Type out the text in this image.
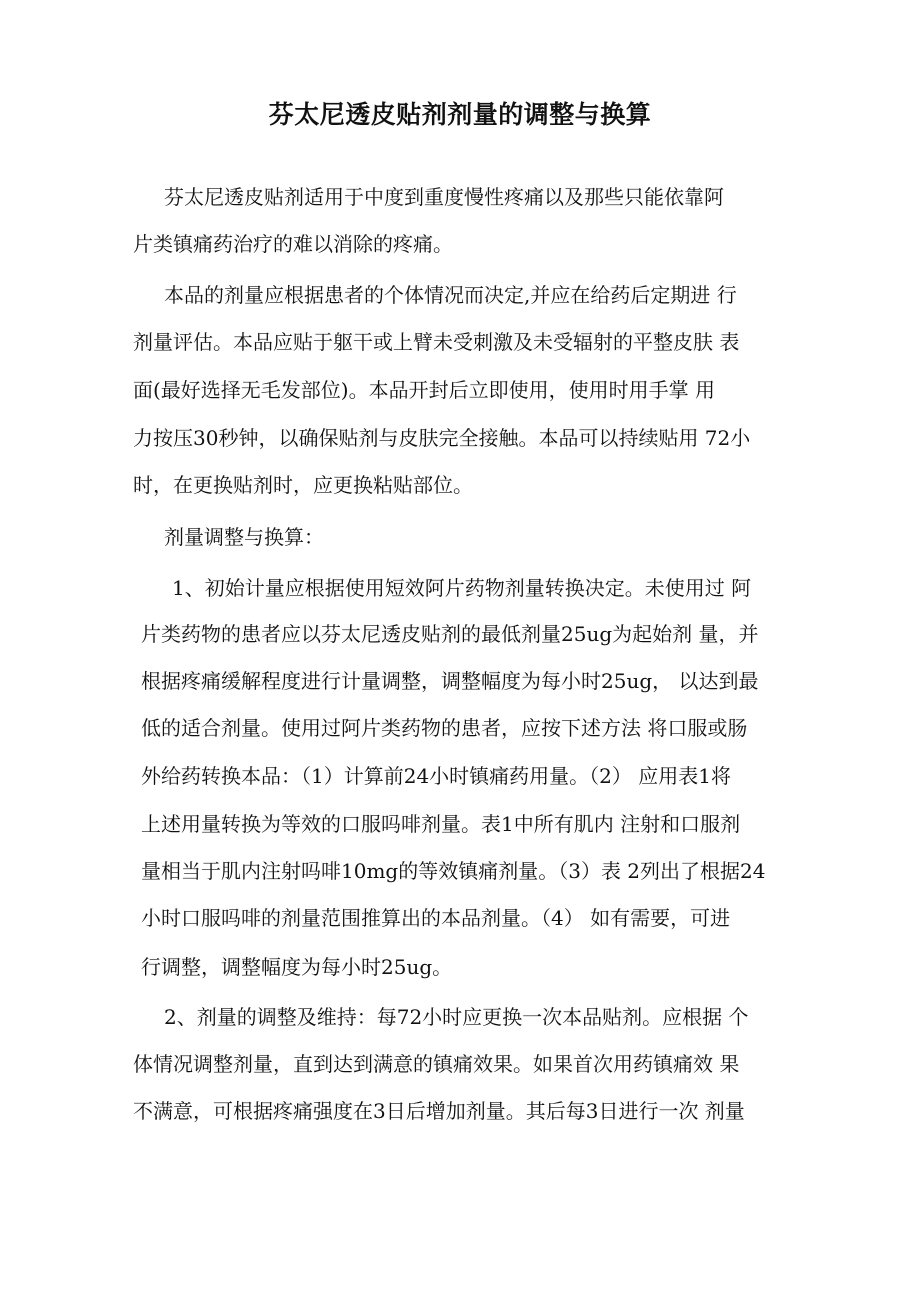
芬太尼透皮贴剂剂量的调整与换算
芬太尼透皮贴剂适用于中度到重度慢性疼痛以及那些只能依靠阿
片类镇痛药治疗的难以消除的疼痛。
本品的剂量应根据患者的个体情况而决定,并应在给药后定期进 行
剂量评估。本品应贴于躯干或上臂未受刺激及未受辐射的平整皮肤 表
面(最好选择无毛发部位)。本品开封后立即使用，使用时用手掌 用
力按压30秒钟，以确保贴剂与皮肤完全接触。本品可以持续贴用 72小
时，在更换贴剂时，应更换粘贴部位。
剂量调整与换算：
1、初始计量应根据使用短效阿片药物剂量转换决定。未使用过 阿
片类药物的患者应以芬太尼透皮贴剂的最低剂量25ug为起始剂 量，并
根据疼痛缓解程度进行计量调整，调整幅度为每小时25ug， 以达到最
低的适合剂量。使用过阿片类药物的患者，应按下述方法 将口服或肠
外给药转换本品：（1）计算前24小时镇痛药用量。（2） 应用表1将
上述用量转换为等效的口服吗啡剂量。表1中所有肌内 注射和口服剂
量相当于肌内注射吗啡10mg的等效镇痛剂量。（3）表 2列出了根据24
小时口服吗啡的剂量范围推算出的本品剂量。（4） 如有需要，可进
行调整，调整幅度为每小时25ug。
2、剂量的调整及维持：每72小时应更换一次本品贴剂。应根据 个
体情况调整剂量，直到达到满意的镇痛效果。如果首次用药镇痛效 果
不满意，可根据疼痛强度在3日后增加剂量。其后每3日进行一次 剂量
